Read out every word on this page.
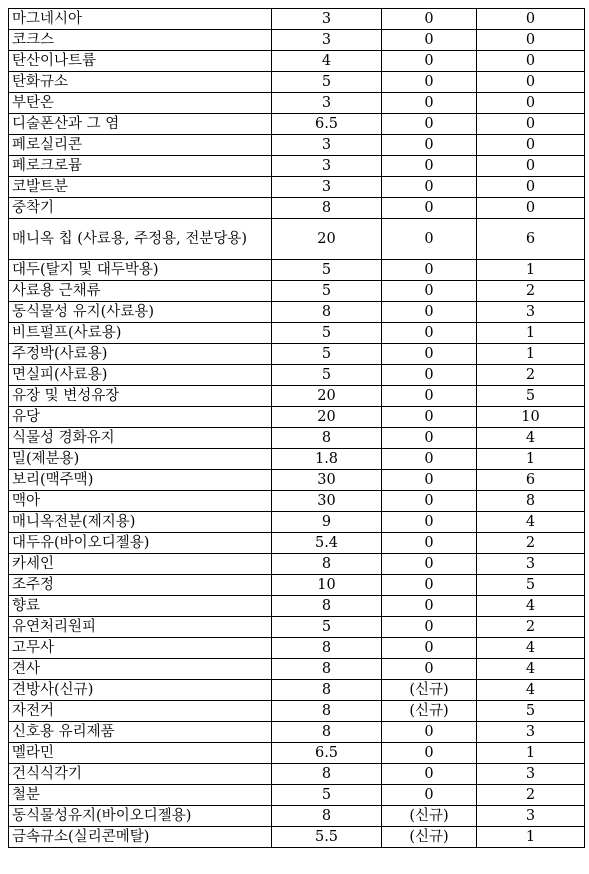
마그네시아	3	0	0
코크스	3	0	0
탄산이나트륨	4	0	0
탄화규소	5	0	0
부탄온	3	0	0
디술폰산과 그 염	6.5	0	0
페로실리콘	3	0	0
페로크로뮴	3	0	0
코발트분	3	0	0
중착기	8	0	0
매니옥 칩 (사료용, 주정용, 전분당용)	20	0	6
대두(탈지 및 대두박용)	5	0	1
사료용 근채류	5	0	2
동식물성 유지(사료용)	8	0	3
비트펄프(사료용)	5	0	1
주정박(사료용)	5	0	1
면실피(사료용)	5	0	2
유장 및 변성유장	20	0	5
유당	20	0	10
식물성 경화유지	8	0	4
밀(제분용)	1.8	0	1
보리(맥주맥)	30	0	6
맥아	30	0	8
매니옥전분(제지용)	9	0	4
대두유(바이오디젤용)	5.4	0	2
카세인	8	0	3
조주정	10	0	5
향료	8	0	4
유연처리원피	5	0	2
고무사	8	0	4
견사	8	0	4
견방사(신규)	8	(신규)	4
자전거	8	(신규)	5
신호용 유리제품	8	0	3
멜라민	6.5	0	1
건식식각기	8	0	3
철분	5	0	2
동식물성유지(바이오디젤용)	8	(신규)	3
금속규소(실리콘메탈)	5.5	(신규)	1
